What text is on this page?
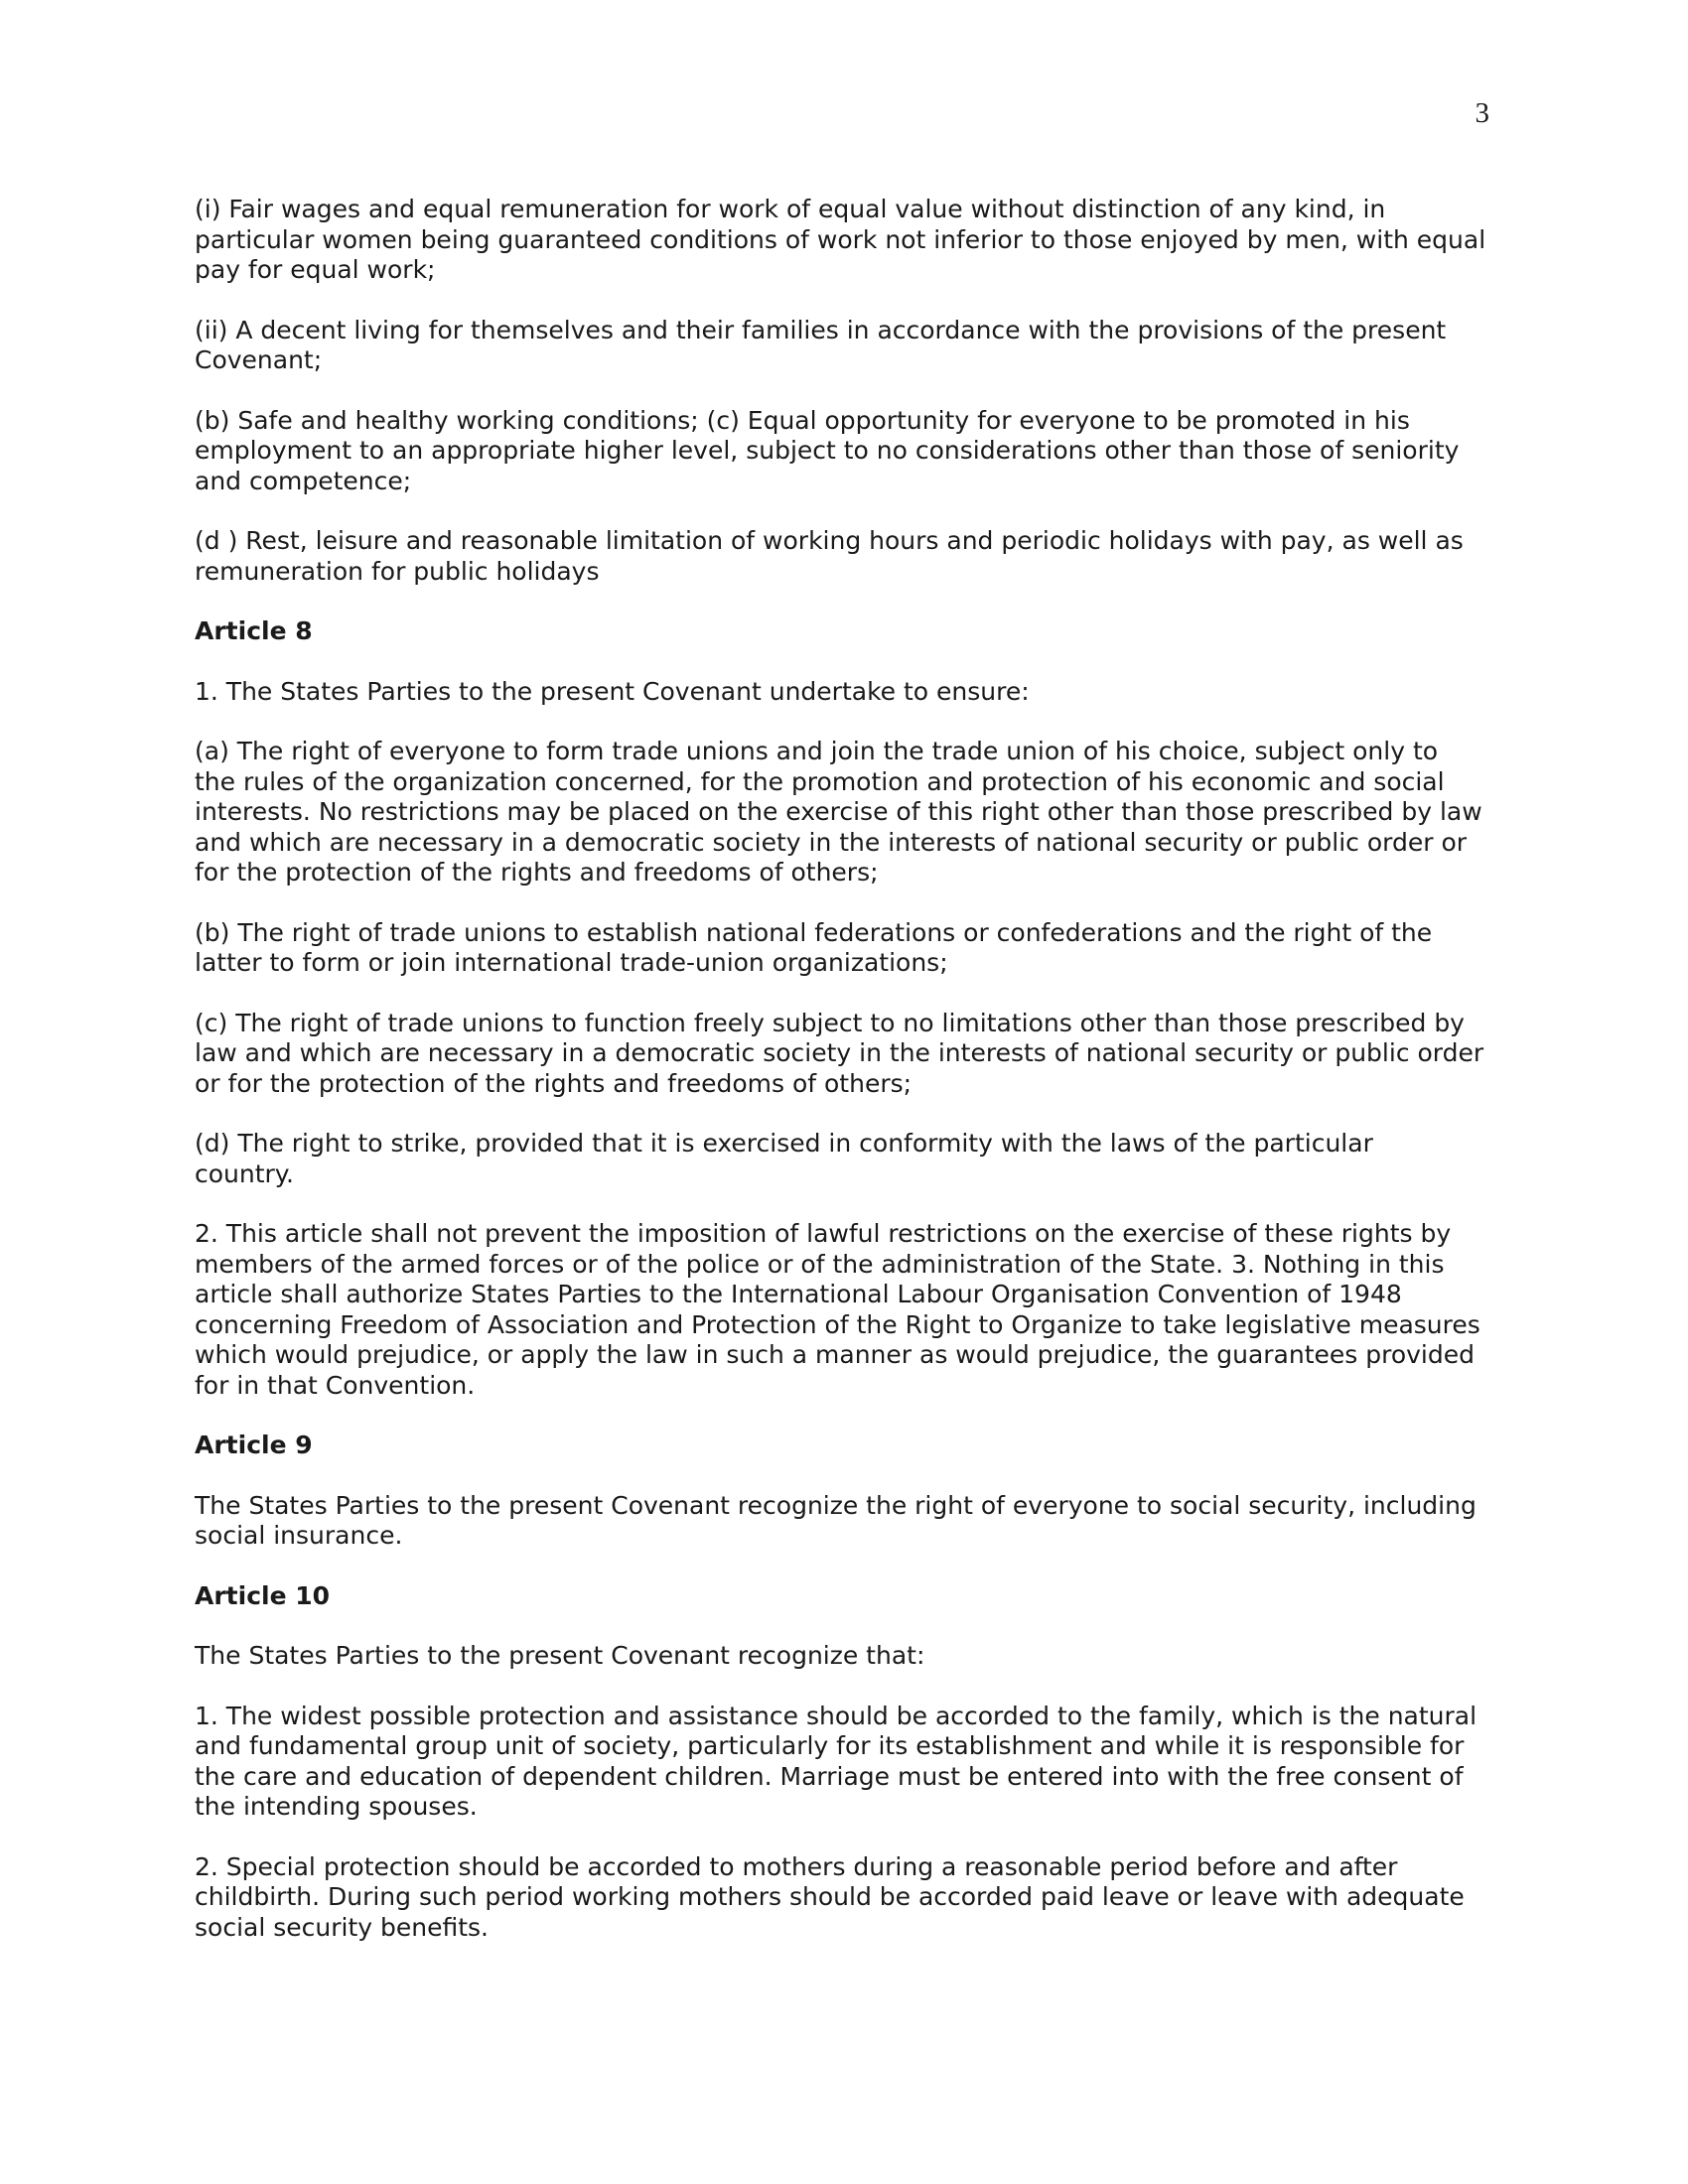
3

(i) Fair wages and equal remuneration for work of equal value without distinction of any kind, in
particular women being guaranteed conditions of work not inferior to those enjoyed by men, with equal
pay for equal work;

(ii) A decent living for themselves and their families in accordance with the provisions of the present
Covenant;

(b) Safe and healthy working conditions; (c) Equal opportunity for everyone to be promoted in his
employment to an appropriate higher level, subject to no considerations other than those of seniority
and competence;

(d ) Rest, leisure and reasonable limitation of working hours and periodic holidays with pay, as well as
remuneration for public holidays

Article 8

1. The States Parties to the present Covenant undertake to ensure:

(a) The right of everyone to form trade unions and join the trade union of his choice, subject only to
the rules of the organization concerned, for the promotion and protection of his economic and social
interests. No restrictions may be placed on the exercise of this right other than those prescribed by law
and which are necessary in a democratic society in the interests of national security or public order or
for the protection of the rights and freedoms of others;

(b) The right of trade unions to establish national federations or confederations and the right of the
latter to form or join international trade-union organizations;

(c) The right of trade unions to function freely subject to no limitations other than those prescribed by
law and which are necessary in a democratic society in the interests of national security or public order
or for the protection of the rights and freedoms of others;

(d) The right to strike, provided that it is exercised in conformity with the laws of the particular
country.

2. This article shall not prevent the imposition of lawful restrictions on the exercise of these rights by
members of the armed forces or of the police or of the administration of the State. 3. Nothing in this
article shall authorize States Parties to the International Labour Organisation Convention of 1948
concerning Freedom of Association and Protection of the Right to Organize to take legislative measures
which would prejudice, or apply the law in such a manner as would prejudice, the guarantees provided
for in that Convention.

Article 9

The States Parties to the present Covenant recognize the right of everyone to social security, including
social insurance.

Article 10

The States Parties to the present Covenant recognize that:

1. The widest possible protection and assistance should be accorded to the family, which is the natural
and fundamental group unit of society, particularly for its establishment and while it is responsible for
the care and education of dependent children. Marriage must be entered into with the free consent of
the intending spouses.

2. Special protection should be accorded to mothers during a reasonable period before and after
childbirth. During such period working mothers should be accorded paid leave or leave with adequate
social security benefits.
